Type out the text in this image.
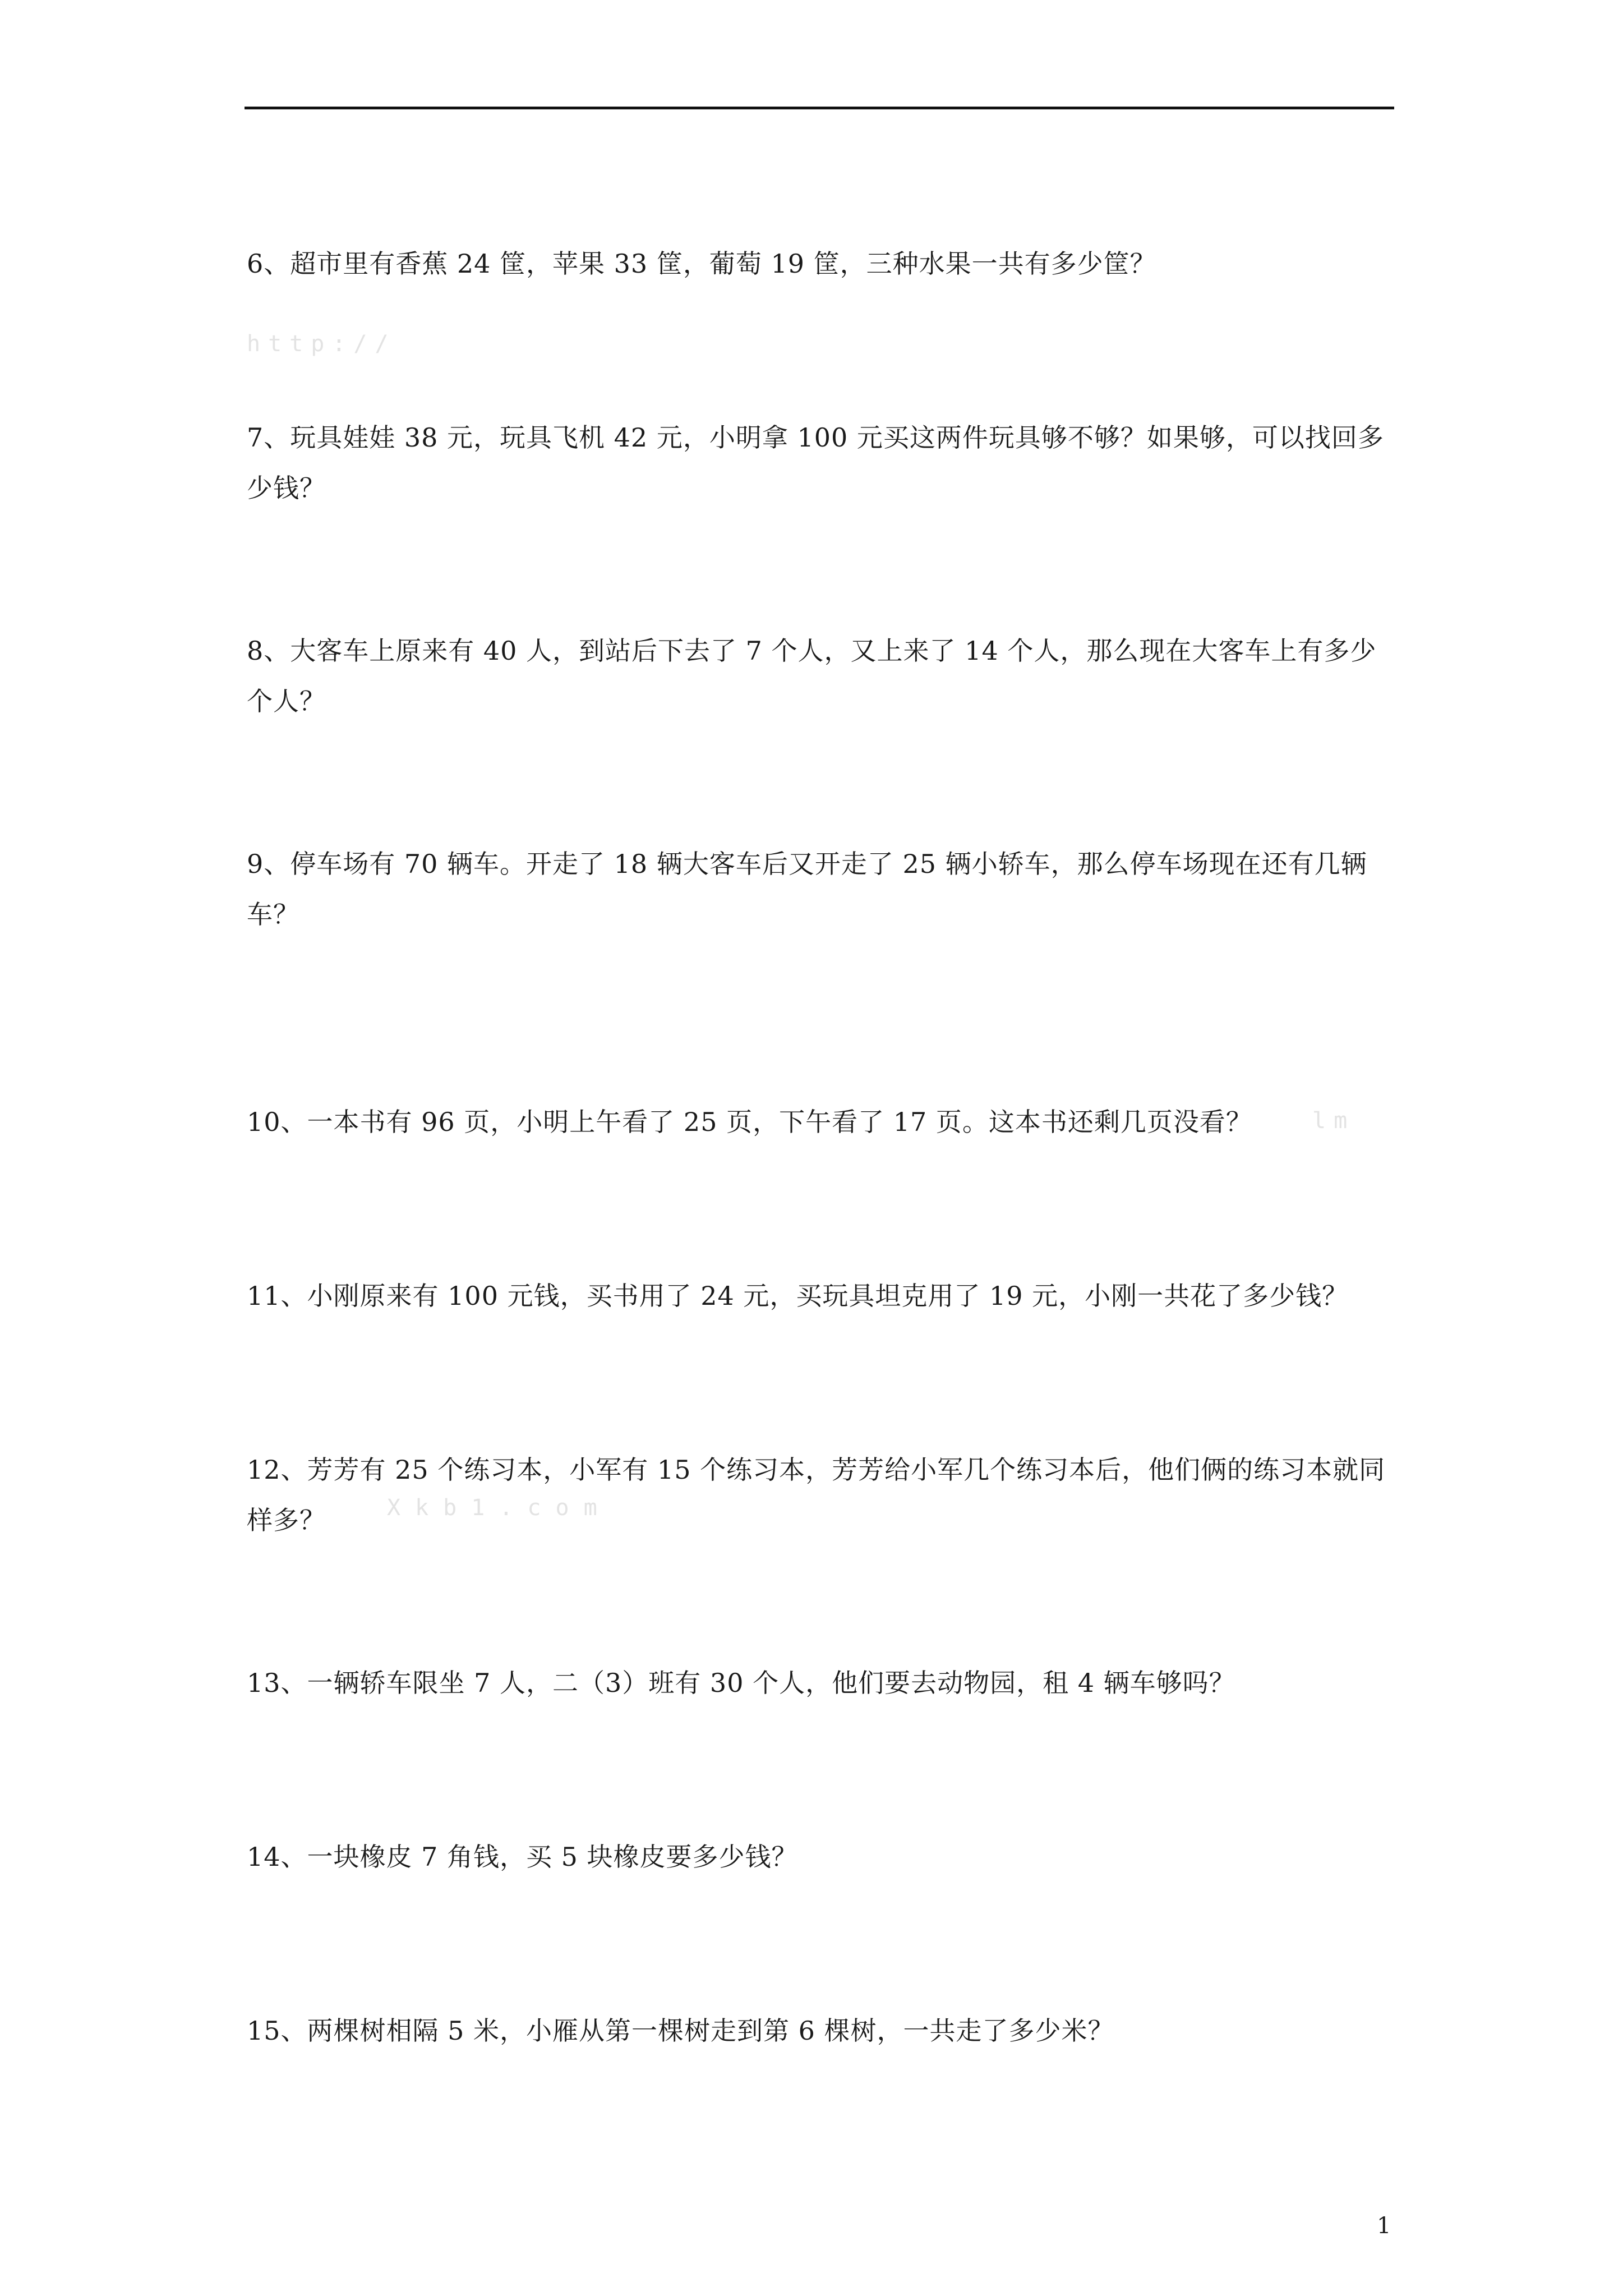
6、超市里有香蕉 24 筐，苹果 33 筐，葡萄 19 筐，三种水果一共有多少筐？

http://

7、玩具娃娃 38 元，玩具飞机 42 元，小明拿 100 元买这两件玩具够不够？如果够，可以找回多少钱？

8、大客车上原来有 40 人，到站后下去了 7 个人，又上来了 14 个人，那么现在大客车上有多少个人？

9、停车场有 70 辆车。开走了 18 辆大客车后又开走了 25 辆小轿车，那么停车场现在还有几辆车？

10、一本书有 96 页，小明上午看了 25 页，下午看了 17 页。这本书还剩几页没看？	lm

11、小刚原来有 100 元钱，买书用了 24 元，买玩具坦克用了 19 元，小刚一共花了多少钱？

12、芳芳有 25 个练习本，小军有 15 个练习本，芳芳给小军几个练习本后，他们俩的练习本就同样多？	Xkb1.com

13、一辆轿车限坐 7 人，二（3）班有 30 个人，他们要去动物园，租 4 辆车够吗？

14、一块橡皮 7 角钱，买 5 块橡皮要多少钱？

15、两棵树相隔 5 米，小雁从第一棵树走到第 6 棵树，一共走了多少米？

1
